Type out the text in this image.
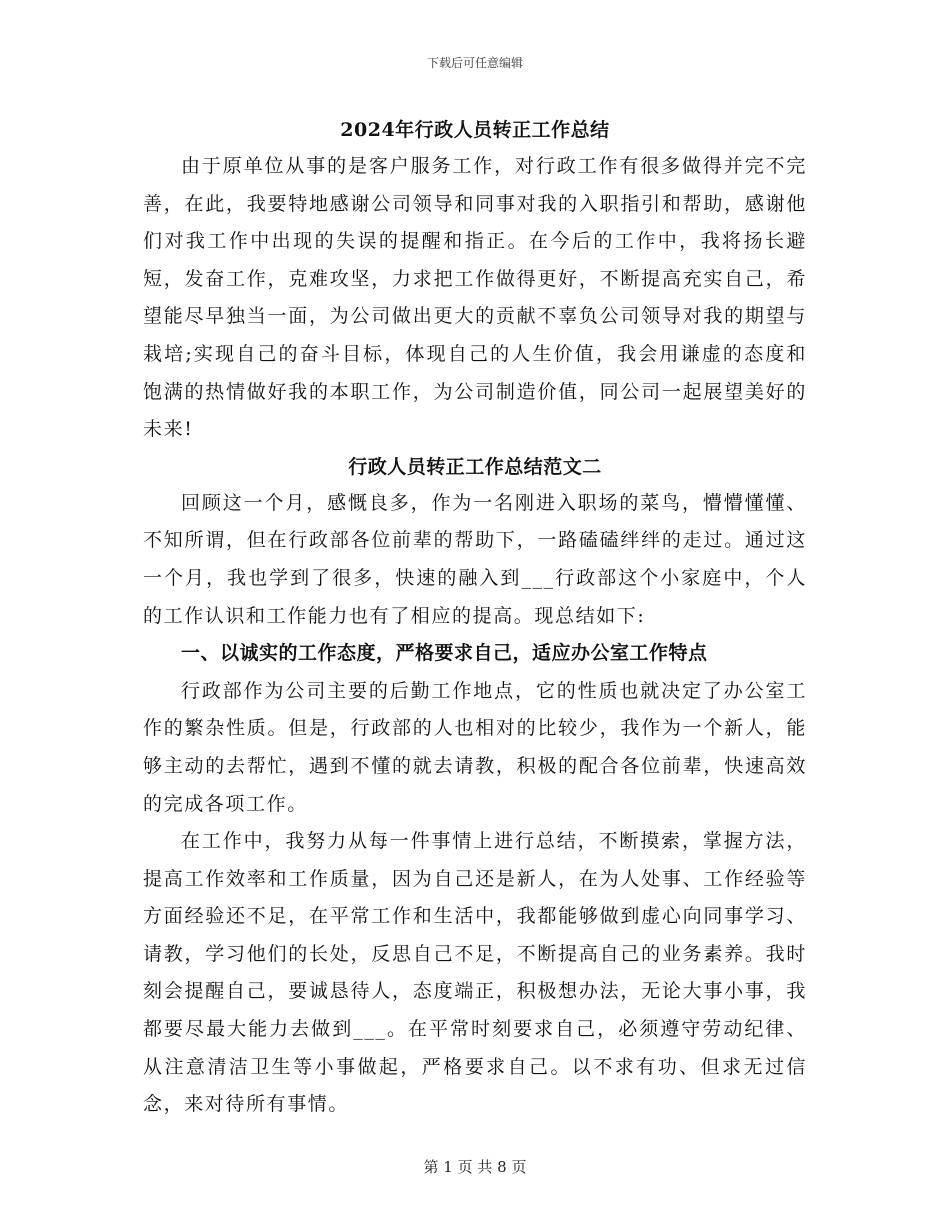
下载后可任意编辑

2024年行政人员转正工作总结

由于原单位从事的是客户服务工作，对行政工作有很多做得并完不完善，在此，我要特地感谢公司领导和同事对我的入职指引和帮助，感谢他们对我工作中出现的失误的提醒和指正。在今后的工作中，我将扬长避短，发奋工作，克难攻坚，力求把工作做得更好，不断提高充实自己，希望能尽早独当一面，为公司做出更大的贡献不辜负公司领导对我的期望与栽培;实现自己的奋斗目标，体现自己的人生价值，我会用谦虚的态度和饱满的热情做好我的本职工作，为公司制造价值，同公司一起展望美好的未来!

行政人员转正工作总结范文二

回顾这一个月，感慨良多，作为一名刚进入职场的菜鸟，懵懵懂懂、不知所谓，但在行政部各位前辈的帮助下，一路磕磕绊绊的走过。通过这一个月，我也学到了很多，快速的融入到___行政部这个小家庭中，个人的工作认识和工作能力也有了相应的提高。现总结如下:

一、以诚实的工作态度，严格要求自己，适应办公室工作特点

行政部作为公司主要的后勤工作地点，它的性质也就决定了办公室工作的繁杂性质。但是，行政部的人也相对的比较少，我作为一个新人，能够主动的去帮忙，遇到不懂的就去请教，积极的配合各位前辈，快速高效的完成各项工作。

在工作中，我努力从每一件事情上进行总结，不断摸索，掌握方法，提高工作效率和工作质量，因为自己还是新人，在为人处事、工作经验等方面经验还不足，在平常工作和生活中，我都能够做到虚心向同事学习、请教，学习他们的长处，反思自己不足，不断提高自己的业务素养。我时刻会提醒自己，要诚恳待人，态度端正，积极想办法，无论大事小事，我都要尽最大能力去做到___。在平常时刻要求自己，必须遵守劳动纪律、从注意清洁卫生等小事做起，严格要求自己。以不求有功、但求无过信念，来对待所有事情。

第 1 页 共 8 页
